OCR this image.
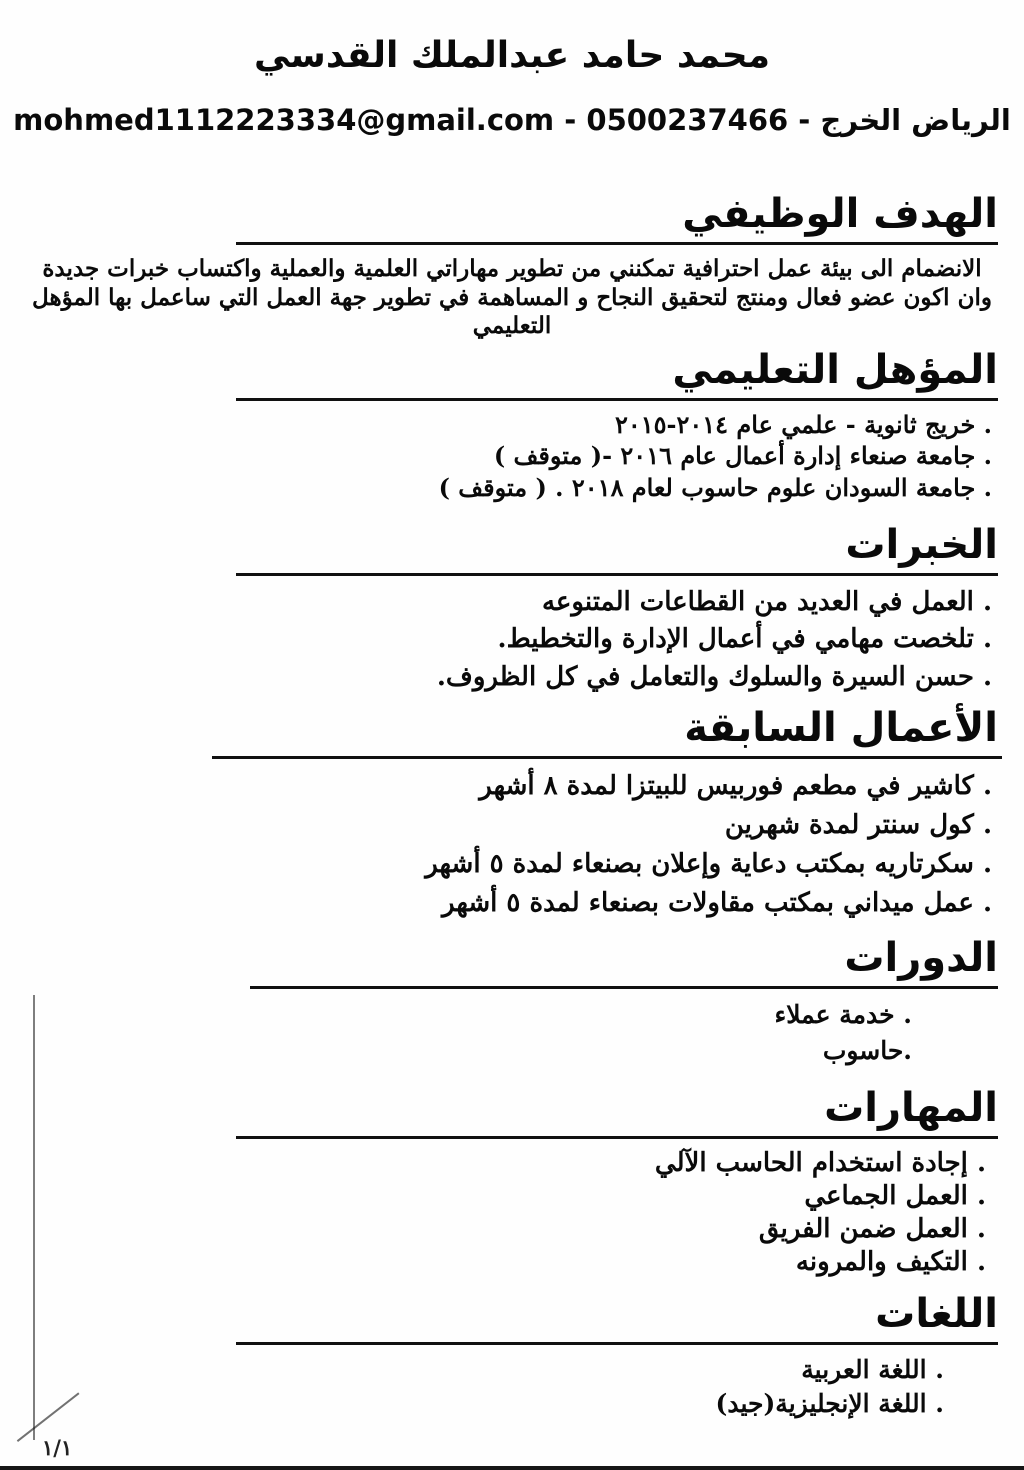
محمد حامد عبدالملك القدسي
الرياض الخرج - 0500237466 - mohmed1112223334@gmail.com
الهدف الوظيفي
الانضمام الى بيئة عمل احترافية تمكنني من تطوير مهاراتي العلمية والعملية واكتساب خبرات جديدة وان اكون عضو فعال ومنتج لتحقيق النجاح و المساهمة في تطوير جهة العمل التي ساعمل بها المؤهل التعليمي
المؤهل التعليمي
. خريج ثانوية - علمي عام ٢٠١٤-٢٠١٥
. جامعة صنعاء إدارة أعمال عام ٢٠١٦ -( متوقف )
. جامعة السودان علوم حاسوب لعام ٢٠١٨ . ( متوقف )
الخبرات
. العمل في العديد من القطاعات المتنوعه
. تلخصت مهامي في أعمال الإدارة والتخطيط.
. حسن السيرة والسلوك والتعامل في كل الظروف.
الأعمال السابقة
. كاشير في مطعم فوربيس للبيتزا لمدة ٨ أشهر
. كول سنتر لمدة شهرين
. سكرتاريه بمكتب دعاية وإعلان بصنعاء لمدة ٥ أشهر
. عمل ميداني بمكتب مقاولات بصنعاء لمدة ٥ أشهر
الدورات
. خدمة عملاء
.حاسوب
المهارات
. إجادة استخدام الحاسب الآلي
. العمل الجماعي
. العمل ضمن الفريق
. التكيف والمرونه
اللغات
. اللغة العربية
. اللغة الإنجليزية(جيد)
١/١
